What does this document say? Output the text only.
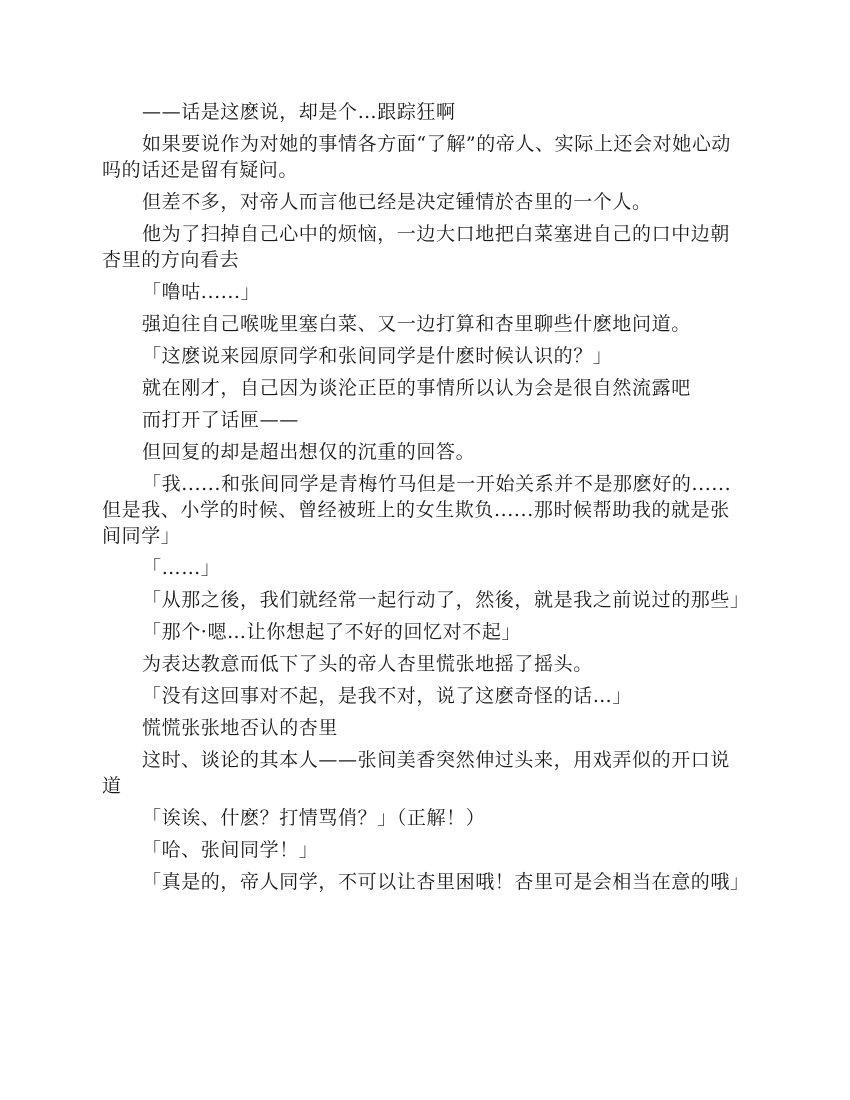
——话是这麽说，却是个…跟踪狂啊

如果要说作为对她的事情各方面“了解”的帝人、实际上还会对她心动吗的话还是留有疑问。

但差不多，对帝人而言他已经是决定锺情於杏里的一个人。

他为了扫掉自己心中的烦恼，一边大口地把白菜塞进自己的口中边朝杏里的方向看去

「噜咕......」

强迫往自己喉咙里塞白菜、又一边打算和杏里聊些什麽地问道。

「这麽说来园原同学和张间同学是什麽时候认识的？」

就在刚才，自己因为谈沦正臣的事情所以认为会是很自然流露吧

而打开了话匣——

但回复的却是超出想仅的沉重的回答。

「我......和张间同学是青梅竹马但是一开始关系并不是那麽好的......但是我、小学的时候、曾经被班上的女生欺负......那时候帮助我的就是张间同学」

「……」

「从那之後，我们就经常一起行动了，然後，就是我之前说过的那些」

「那个·嗯…让你想起了不好的回忆对不起」

为表达教意而低下了头的帝人杏里慌张地摇了摇头。

「没有这回事对不起，是我不对，说了这麽奇怪的话…」

慌慌张张地否认的杏里

这时、谈论的其本人——张间美香突然伸过头来，用戏弄似的开口说道

「诶诶、什麽？打情骂俏？」（正解！）

「哈、张间同学！」

「真是的，帝人同学，不可以让杏里困哦！杏里可是会相当在意的哦」
